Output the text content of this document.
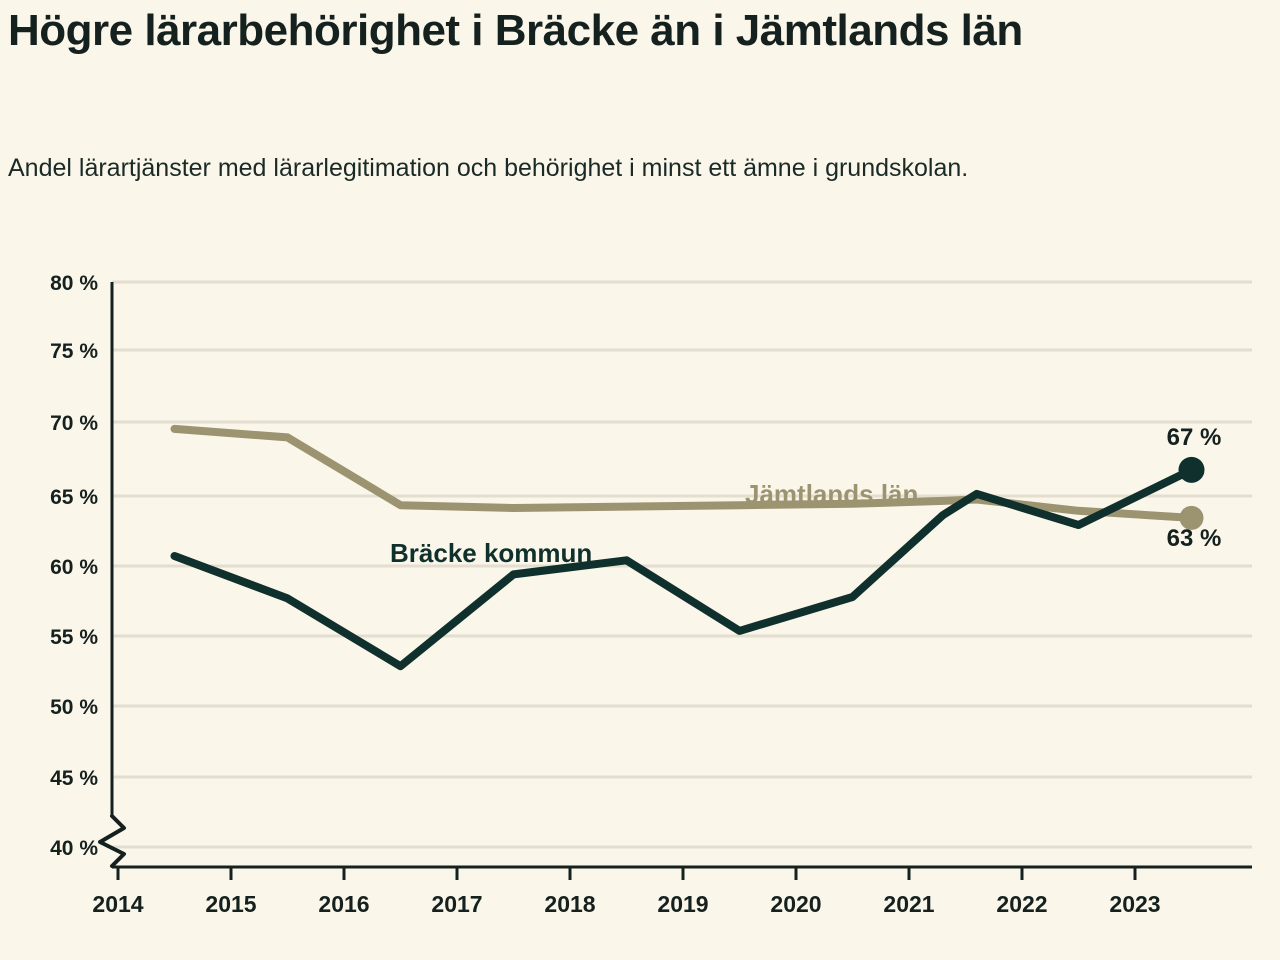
Högre lärarbehörighet i Bräcke än i Jämtlands län
Andel lärartjänster med lärarlegitimation och behörighet i minst ett ämne i grundskolan.
80 %
75 %
70 %
65 %
60 %
55 %
50 %
45 %
40 %
2014	2015	2016	2017	2018	2019	2020	2021	2022	2023
Jämtlands län
Bräcke kommun
67 %
63 %
